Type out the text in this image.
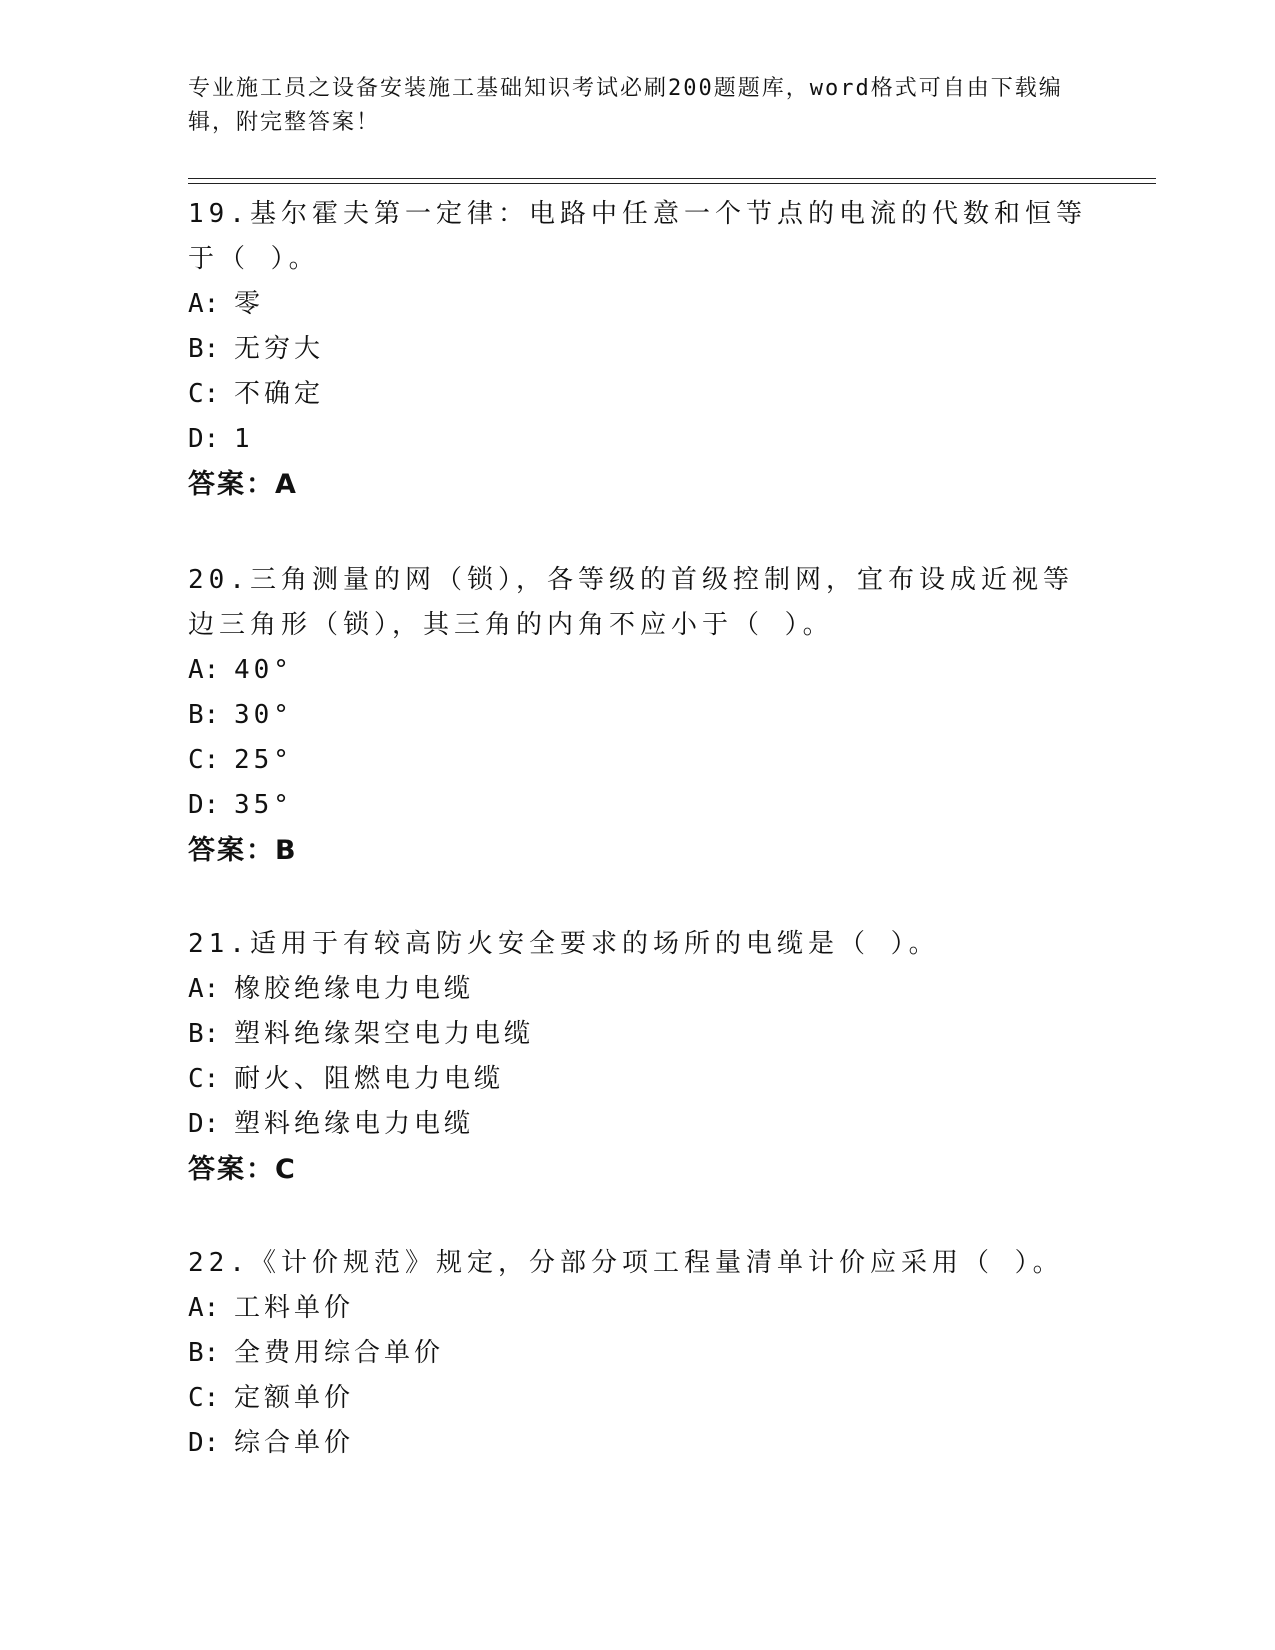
专业施工员之设备安装施工基础知识考试必刷200题题库，word格式可自由下载编辑，附完整答案！
19.基尔霍夫第一定律：电路中任意一个节点的电流的代数和恒等于（ ）。
A: 零
B: 无穷大
C: 不确定
D: 1
答案：A
20.三角测量的网（锁），各等级的首级控制网，宜布设成近视等边三角形（锁），其三角的内角不应小于（ ）。
A: 40°
B: 30°
C: 25°
D: 35°
答案：B
21.适用于有较高防火安全要求的场所的电缆是（ ）。
A: 橡胶绝缘电力电缆
B: 塑料绝缘架空电力电缆
C: 耐火、阻燃电力电缆
D: 塑料绝缘电力电缆
答案：C
22.《计价规范》规定，分部分项工程量清单计价应采用（ ）。
A: 工料单价
B: 全费用综合单价
C: 定额单价
D: 综合单价
